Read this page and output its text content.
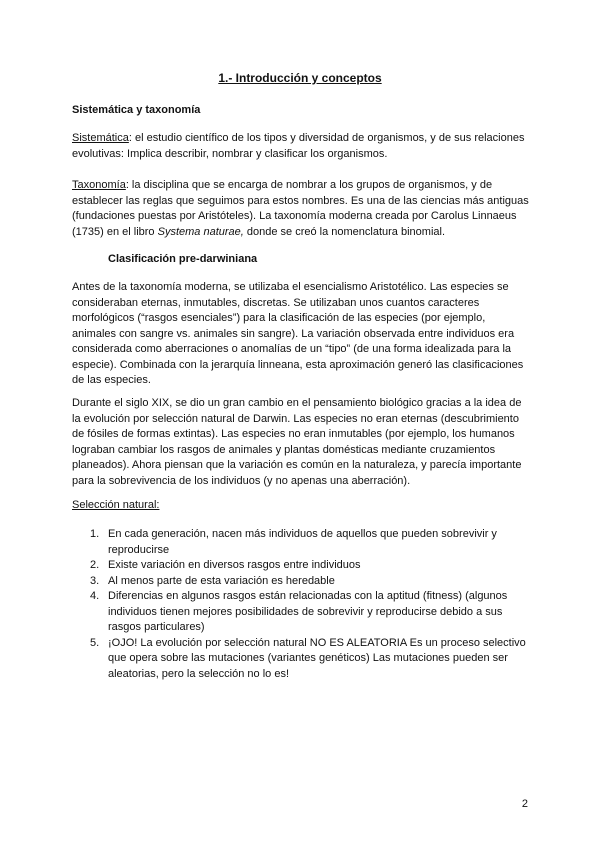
1.- Introducción y conceptos
Sistemática y taxonomía

Sistemática: el estudio científico de los tipos y diversidad de organismos, y de sus relaciones evolutivas: Implica describir, nombrar y clasificar los organismos.

Taxonomía: la disciplina que se encarga de nombrar a los grupos de organismos, y de establecer las reglas que seguimos para estos nombres. Es una de las ciencias más antiguas (fundaciones puestas por Aristóteles). La taxonomía moderna creada por Carolus Linnaeus (1735) en el libro Systema naturae, donde se creó la nomenclatura binomial.

Clasificación pre-darwiniana

Antes de la taxonomía moderna, se utilizaba el esencialismo Aristotélico. Las especies se consideraban eternas, inmutables, discretas. Se utilizaban unos cuantos caracteres morfológicos (“rasgos esenciales”) para la clasificación de las especies (por ejemplo, animales con sangre vs. animales sin sangre). La variación observada entre individuos era considerada como aberraciones o anomalías de un “tipo” (de una forma idealizada para la especie). Combinada con la jerarquía linneana, esta aproximación generó las clasificaciones de las especies.

Durante el siglo XIX, se dio un gran cambio en el pensamiento biológico gracias a la idea de la evolución por selección natural de Darwin. Las especies no eran eternas (descubrimiento de fósiles de formas extintas). Las especies no eran inmutables (por ejemplo, los humanos lograban cambiar los rasgos de animales y plantas domésticas mediante cruzamientos planeados). Ahora piensan que la variación es común en la naturaleza, y parecía importante para la sobrevivencia de los individuos (y no apenas una aberración).

Selección natural:

1. En cada generación, nacen más individuos de aquellos que pueden sobrevivir y reproducirse
2. Existe variación en diversos rasgos entre individuos
3. Al menos parte de esta variación es heredable
4. Diferencias en algunos rasgos están relacionadas con la aptitud (fitness) (algunos individuos tienen mejores posibilidades de sobrevivir y reproducirse debido a sus rasgos particulares)
5. ¡OJO! La evolución por selección natural NO ES ALEATORIA Es un proceso selectivo que opera sobre las mutaciones (variantes genéticos) Las mutaciones pueden ser aleatorias, pero la selección no lo es!
2
